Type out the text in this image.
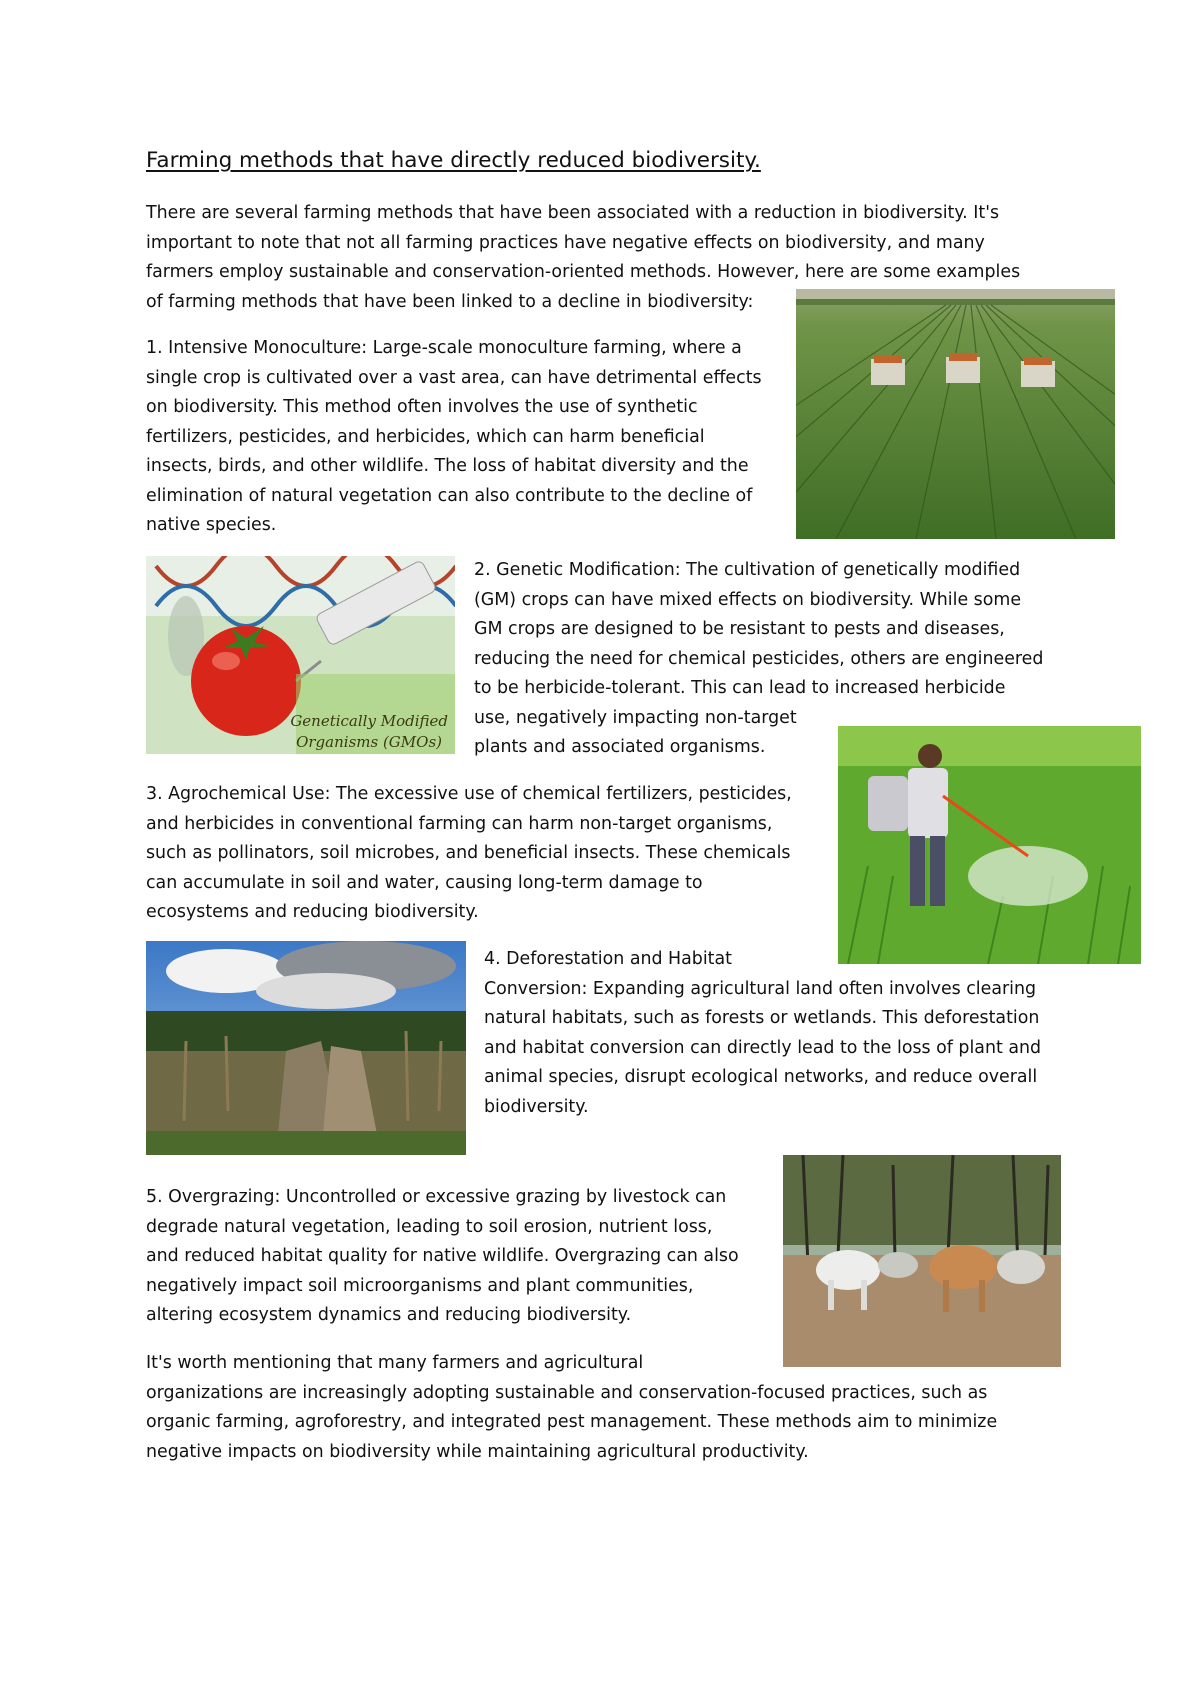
Farming methods that have directly reduced biodiversity.

There are several farming methods that have been associated with a reduction in biodiversity. It's
important to note that not all farming practices have negative effects on biodiversity, and many
farmers employ sustainable and conservation-oriented methods. However, here are some examples
of farming methods that have been linked to a decline in biodiversity:

1. Intensive Monoculture: Large-scale monoculture farming, where a
single crop is cultivated over a vast area, can have detrimental effects
on biodiversity. This method often involves the use of synthetic
fertilizers, pesticides, and herbicides, which can harm beneficial
insects, birds, and other wildlife. The loss of habitat diversity and the
elimination of natural vegetation can also contribute to the decline of
native species.

Genetically Modified
Organisms (GMOs)

2. Genetic Modification: The cultivation of genetically modified
(GM) crops can have mixed effects on biodiversity. While some
GM crops are designed to be resistant to pests and diseases,
reducing the need for chemical pesticides, others are engineered
to be herbicide-tolerant. This can lead to increased herbicide
use, negatively impacting non-target
plants and associated organisms.

3. Agrochemical Use: The excessive use of chemical fertilizers, pesticides,
and herbicides in conventional farming can harm non-target organisms,
such as pollinators, soil microbes, and beneficial insects. These chemicals
can accumulate in soil and water, causing long-term damage to
ecosystems and reducing biodiversity.

4. Deforestation and Habitat
Conversion: Expanding agricultural land often involves clearing
natural habitats, such as forests or wetlands. This deforestation
and habitat conversion can directly lead to the loss of plant and
animal species, disrupt ecological networks, and reduce overall
biodiversity.

5. Overgrazing: Uncontrolled or excessive grazing by livestock can
degrade natural vegetation, leading to soil erosion, nutrient loss,
and reduced habitat quality for native wildlife. Overgrazing can also
negatively impact soil microorganisms and plant communities,
altering ecosystem dynamics and reducing biodiversity.

It's worth mentioning that many farmers and agricultural
organizations are increasingly adopting sustainable and conservation-focused practices, such as
organic farming, agroforestry, and integrated pest management. These methods aim to minimize
negative impacts on biodiversity while maintaining agricultural productivity.
